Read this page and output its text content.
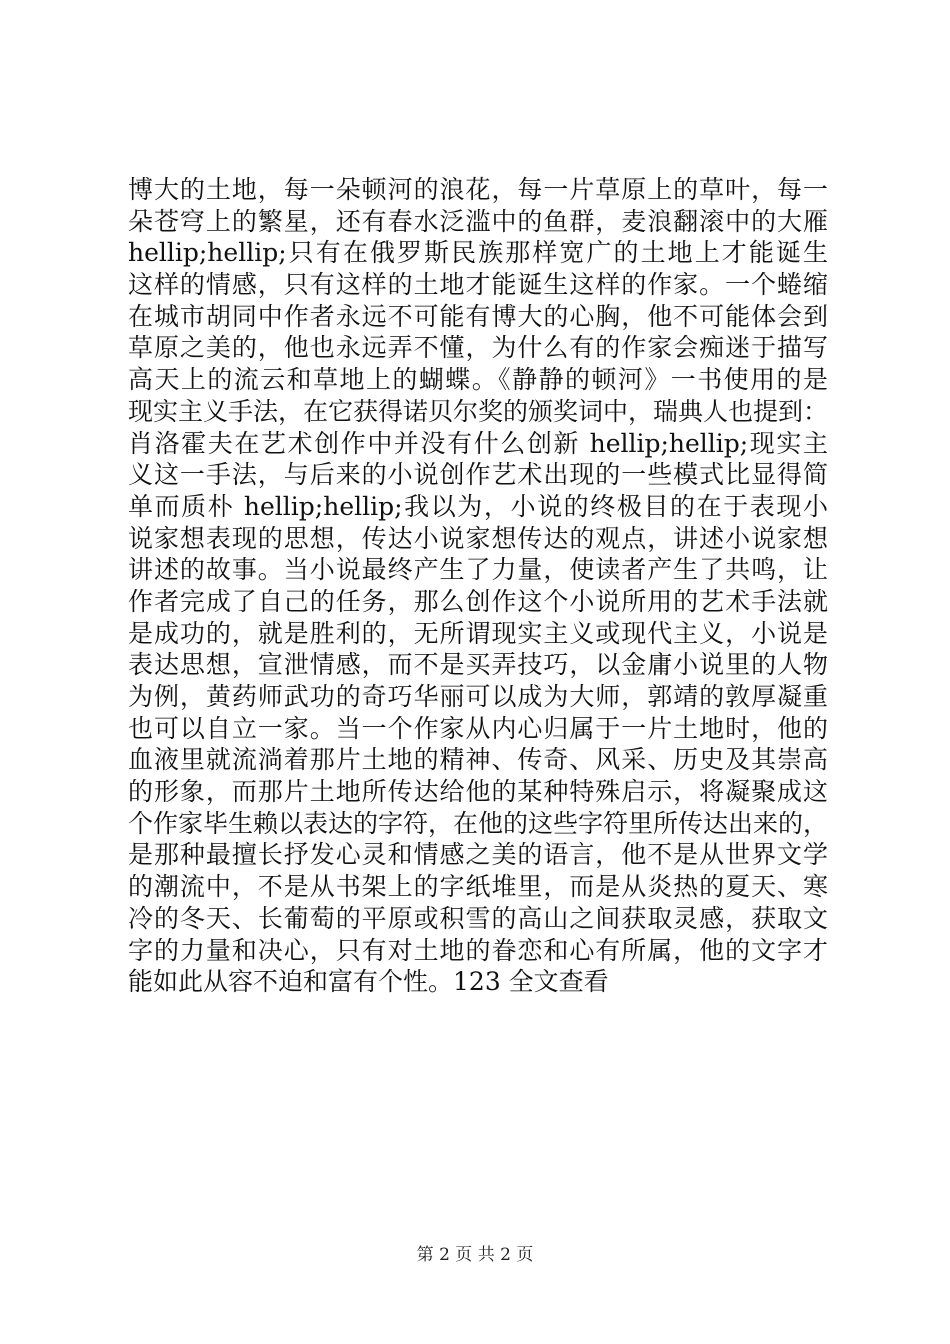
博大的土地，每一朵顿河的浪花，每一片草原上的草叶，每一
朵苍穹上的繁星，还有春水泛滥中的鱼群，麦浪翻滚中的大雁
hellip;hellip;只有在俄罗斯民族那样宽广的土地上才能诞生
这样的情感，只有这样的土地才能诞生这样的作家。一个蜷缩
在城市胡同中作者永远不可能有博大的心胸，他不可能体会到
草原之美的，他也永远弄不懂，为什么有的作家会痴迷于描写
高天上的流云和草地上的蝴蝶。《静静的顿河》一书使用的是
现实主义手法，在它获得诺贝尔奖的颁奖词中，瑞典人也提到：
肖洛霍夫在艺术创作中并没有什么创新 hellip;hellip;现实主
义这一手法，与后来的小说创作艺术出现的一些模式比显得简
单而质朴 hellip;hellip;我以为，小说的终极目的在于表现小
说家想表现的思想，传达小说家想传达的观点，讲述小说家想
讲述的故事。当小说最终产生了力量，使读者产生了共鸣，让
作者完成了自己的任务，那么创作这个小说所用的艺术手法就
是成功的，就是胜利的，无所谓现实主义或现代主义，小说是
表达思想，宣泄情感，而不是买弄技巧，以金庸小说里的人物
为例，黄药师武功的奇巧华丽可以成为大师，郭靖的敦厚凝重
也可以自立一家。当一个作家从内心归属于一片土地时，他的
血液里就流淌着那片土地的精神、传奇、风采、历史及其崇高
的形象，而那片土地所传达给他的某种特殊启示，将凝聚成这
个作家毕生赖以表达的字符，在他的这些字符里所传达出来的，
是那种最擅长抒发心灵和情感之美的语言，他不是从世界文学
的潮流中，不是从书架上的字纸堆里，而是从炎热的夏天、寒
冷的冬天、长葡萄的平原或积雪的高山之间获取灵感，获取文
字的力量和决心，只有对土地的眷恋和心有所属，他的文字才
能如此从容不迫和富有个性。123 全文查看
第 2 页 共 2 页
